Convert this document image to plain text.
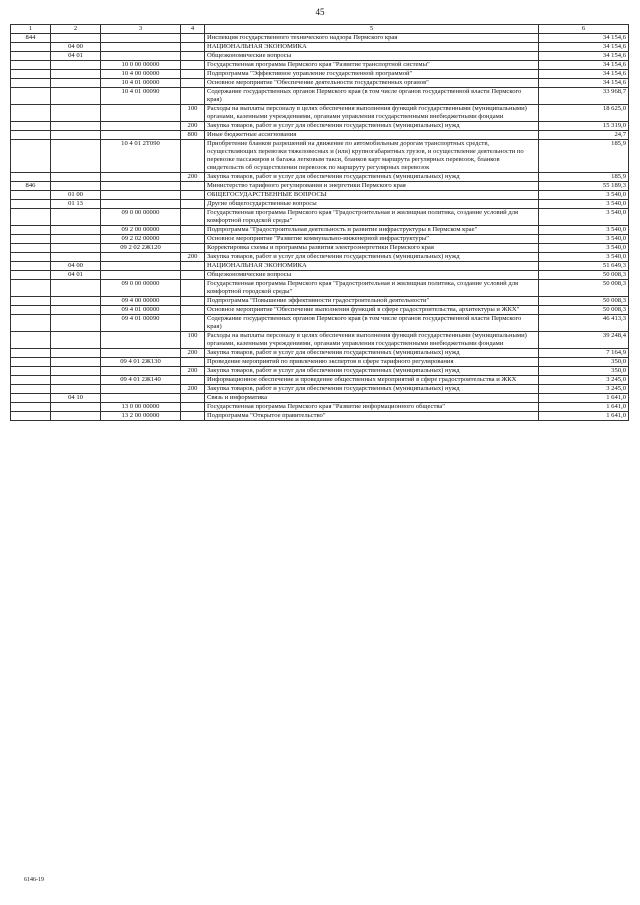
45
1	2	3	4	5	6
844				Инспекция государственного технического надзора Пермского края	34 154,6
	04 00			НАЦИОНАЛЬНАЯ ЭКОНОМИКА	34 154,6
	04 01			Общеэкономические вопросы	34 154,6
		10 0 00 00000		Государственная программа Пермского края "Развитие транспортной системы"	34 154,6
		10 4 00 00000		Подпрограмма "Эффективное управление государственной программой"	34 154,6
		10 4 01 00000		Основное мероприятие "Обеспечение деятельности государственных органов"	34 154,6
		10 4 01 00090		Содержание государственных органов Пермского края (в том числе органов государственной власти Пермского края)	33 968,7
			100	Расходы на выплаты персоналу в целях обеспечения выполнения функций государственными (муниципальными) органами, казенными учреждениями, органами управления государственными внебюджетными фондами	18 625,0
			200	Закупка товаров, работ и услуг для обеспечения государственных (муниципальных) нужд	15 319,0
			800	Иные бюджетные ассигнования	24,7
		10 4 01 2Т090		Приобретение бланков разрешений на движение по автомобильным дорогам транспортных средств, осуществляющих перевозки тяжеловесных и (или) крупногабаритных грузов, и осуществление деятельности по перевозке пассажиров и багажа легковым такси, бланков карт маршрута регулярных перевозок, бланков свидетельств об осуществлении перевозок по маршруту регулярных перевозок	185,9
			200	Закупка товаров, работ и услуг для обеспечения государственных (муниципальных) нужд	185,9
846				Министерство тарифного регулирования и энергетики Пермского края	55 189,3
	01 00			ОБЩЕГОСУДАРСТВЕННЫЕ ВОПРОСЫ	3 540,0
	01 13			Другие общегосударственные вопросы	3 540,0
		09 0 00 00000		Государственная программа Пермского края "Градостроительная и жилищная политика, создание условий для комфортной городской среды"	3 540,0
		09 2 00 00000		Подпрограмма "Градостроительная деятельность и развитие инфраструктуры в Пермском крае"	3 540,0
		09 2 02 00000		Основное мероприятие "Развитие коммунально-инженерной инфраструктуры"	3 540,0
		09 2 02 2Ж120		Корректировка схемы и программы развития электроэнергетики Пермского края	3 540,0
			200	Закупка товаров, работ и услуг для обеспечения государственных (муниципальных) нужд	3 540,0
	04 00			НАЦИОНАЛЬНАЯ ЭКОНОМИКА	51 649,3
	04 01			Общеэкономические вопросы	50 008,3
		09 0 00 00000		Государственная программа Пермского края "Градостроительная и жилищная политика, создание условий для комфортной городской среды"	50 008,3
		09 4 00 00000		Подпрограмма "Повышение эффективности градостроительной деятельности"	50 008,3
		09 4 01 00000		Основное мероприятие "Обеспечение выполнения функций в сфере градостроительства, архитектуры и ЖКХ"	50 008,3
		09 4 01 00090		Содержание государственных органов Пермского края (в том числе органов государственной власти Пермского края)	46 413,3
			100	Расходы на выплаты персоналу в целях обеспечения выполнения функций государственными (муниципальными) органами, казенными учреждениями, органами управления государственными внебюджетными фондами	39 248,4
			200	Закупка товаров, работ и услуг для обеспечения государственных (муниципальных) нужд	7 164,9
		09 4 01 2Ж130		Проведение мероприятий по привлечению экспертов в сфере тарифного регулирования	350,0
			200	Закупка товаров, работ и услуг для обеспечения государственных (муниципальных) нужд	350,0
		09 4 01 2Ж140		Информационное обеспечение и проведение общественных мероприятий в сфере градостроительства и ЖКХ	3 245,0
			200	Закупка товаров, работ и услуг для обеспечения государственных (муниципальных) нужд	3 245,0
	04 10			Связь и информатика	1 641,0
		13 0 00 00000		Государственная программа Пермского края "Развитие информационного общества"	1 641,0
		13 2 00 00000		Подпрограмма "Открытое правительство"	1 641,0
6146-19
